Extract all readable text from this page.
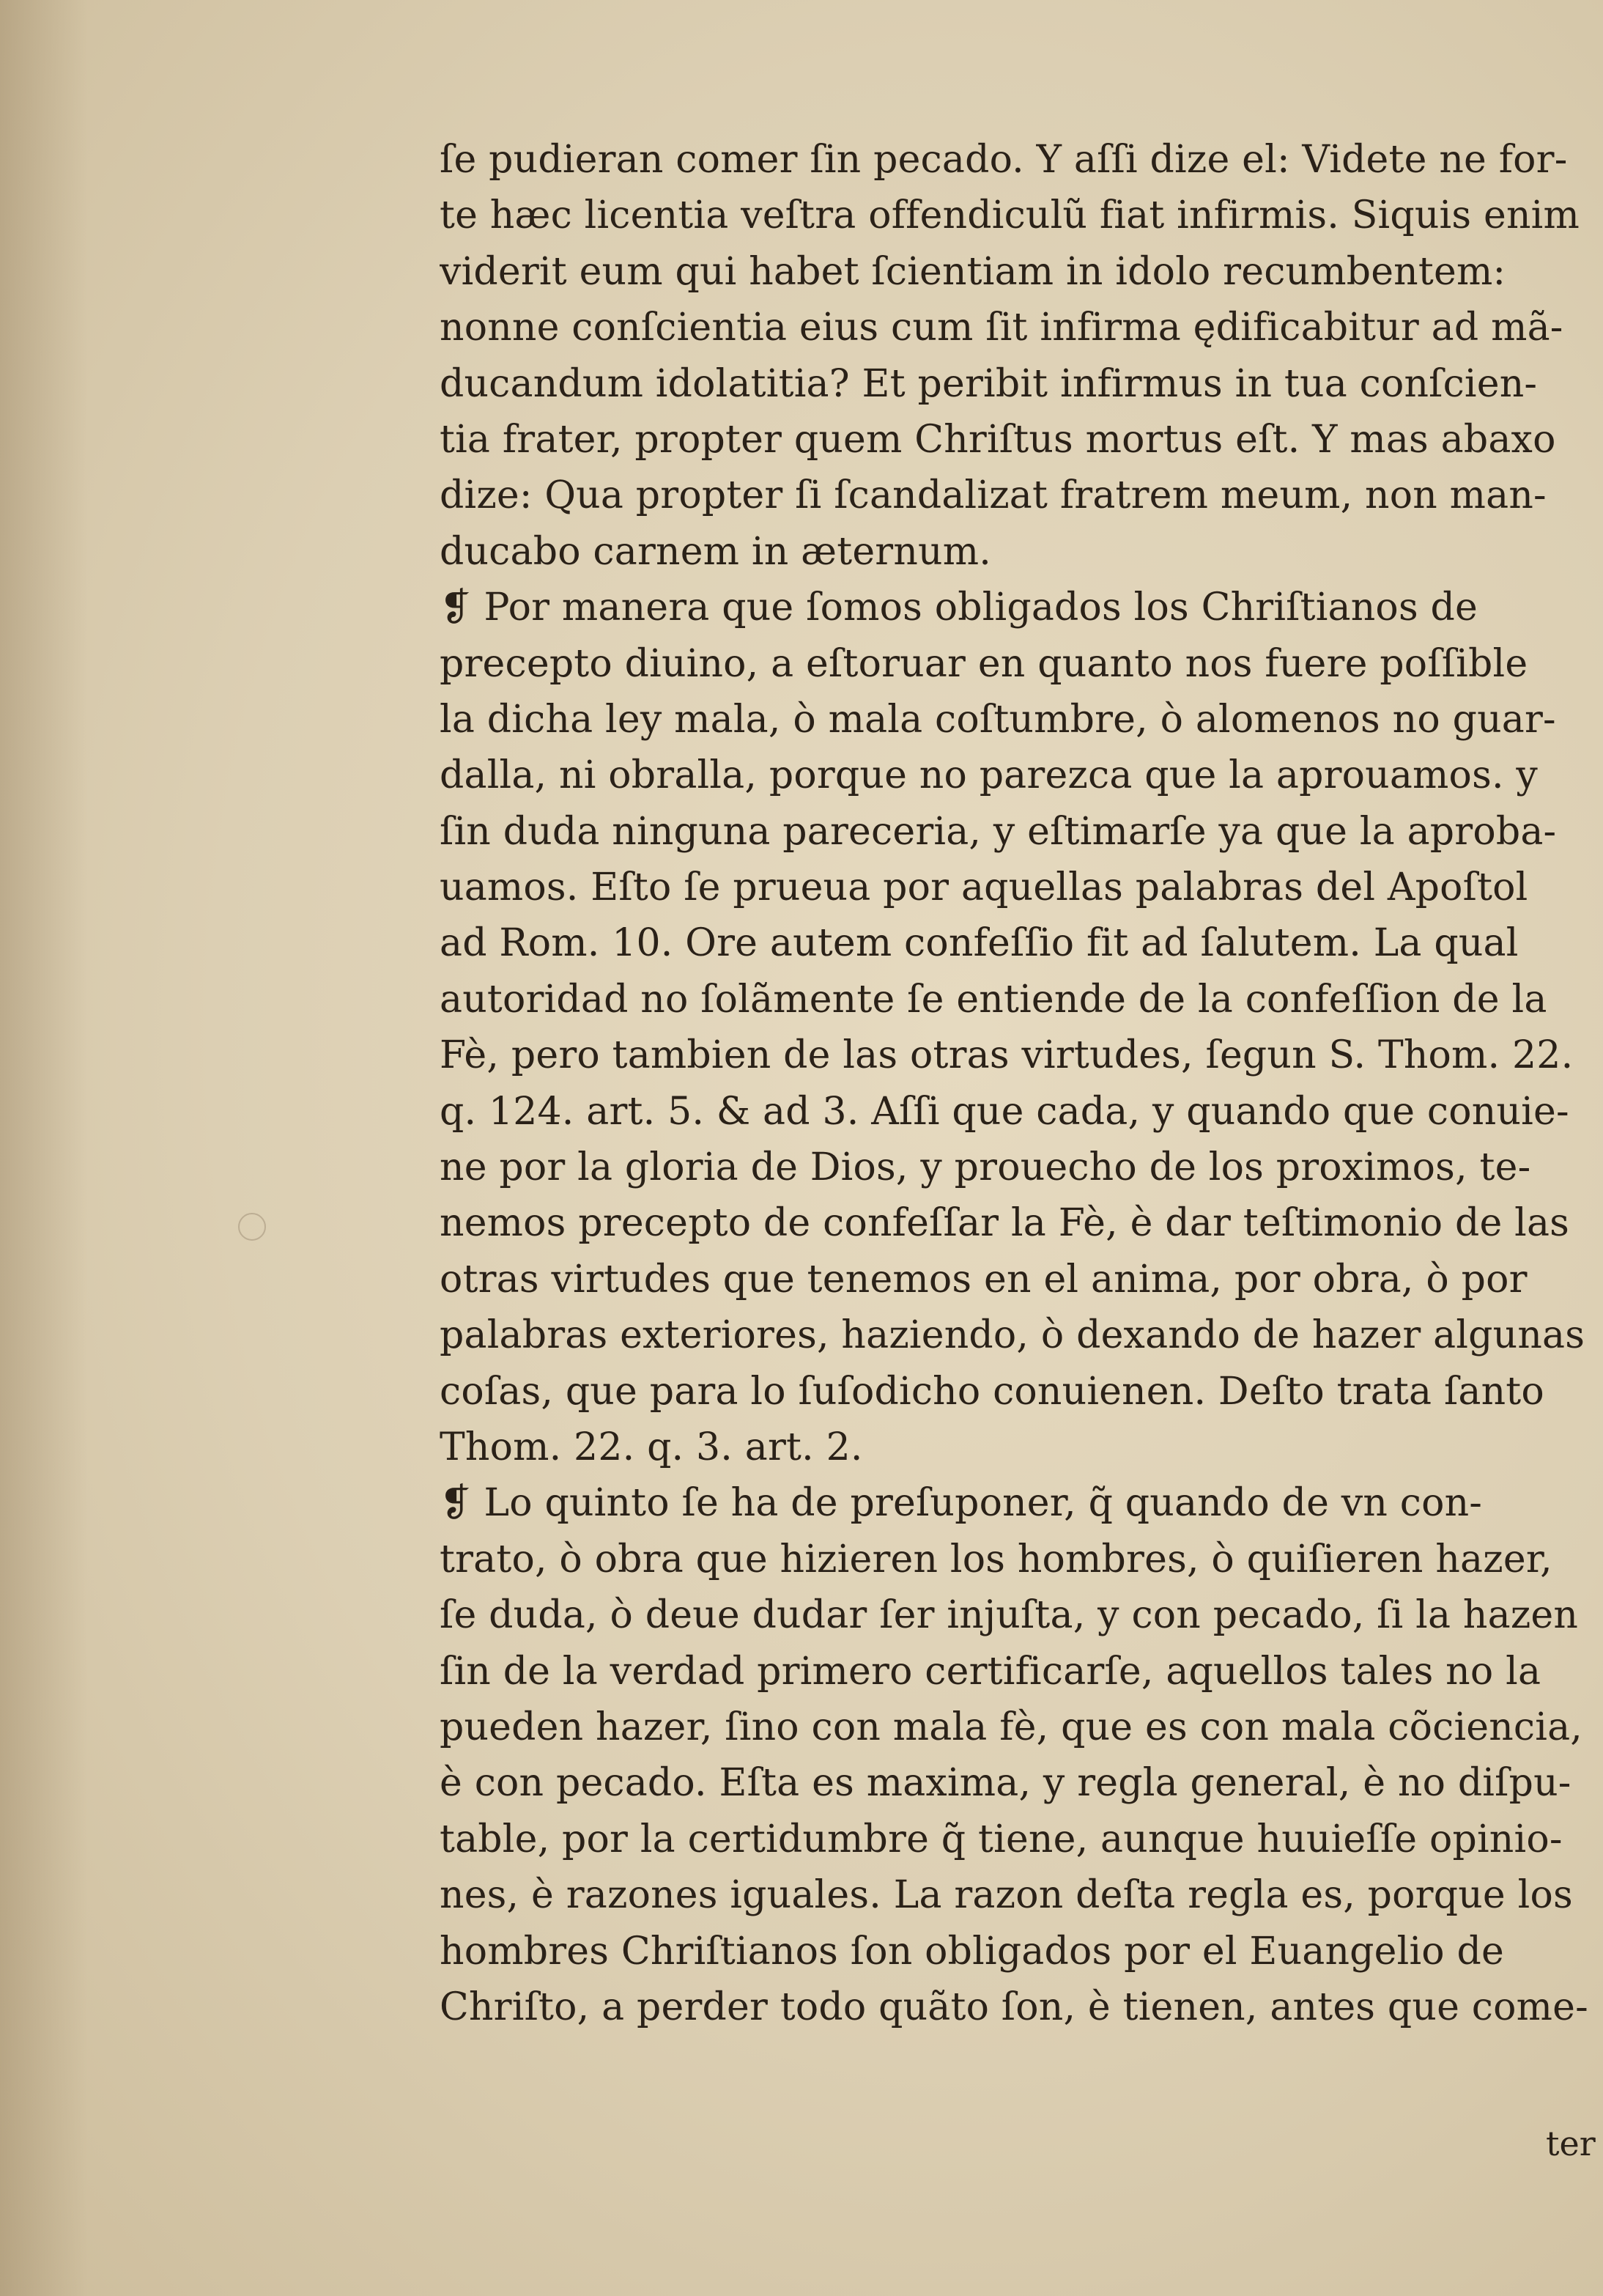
ſe pudieran comer ſin pecado. Y aſſi dize el: Videte ne for-
te hæc licentia veſtra offendiculũ fiat infirmis. Siquis enim
viderit eum qui habet ſcientiam in idolo recumbentem:
nonne conſcientia eius cum ſit infirma ędificabitur ad mã-
ducandum idolatitia? Et peribit infirmus in tua conſcien-
tia frater, propter quem Chriſtus mortus eſt. Y mas abaxo
dize: Qua propter ſi ſcandalizat fratrem meum, non man-
ducabo carnem in æternum.
❡ Por manera que ſomos obligados los Chriſtianos de
precepto diuino, a eſtoruar en quanto nos fuere poſſible
la dicha ley mala, ò mala coſtumbre, ò alomenos no guar-
dalla, ni obralla, porque no parezca que la aprouamos. y
ſin duda ninguna pareceria, y eſtimarſe ya que la aproba-
uamos. Eſto ſe prueua por aquellas palabras del Apoſtol
ad Rom. 10. Ore autem confeſſio fit ad ſalutem. La qual
autoridad no ſolãmente ſe entiende de la confeſſion de la
Fè, pero tambien de las otras virtudes, ſegun S. Thom. 22.
q. 124. art. 5. & ad 3. Aſſi que cada, y quando que conuie-
ne por la gloria de Dios, y prouecho de los proximos, te-
nemos precepto de confeſſar la Fè, è dar teſtimonio de las
otras virtudes que tenemos en el anima, por obra, ò por
palabras exteriores, haziendo, ò dexando de hazer algunas
coſas, que para lo ſuſodicho conuienen. Deſto trata ſanto
Thom. 22. q. 3. art. 2.
❡ Lo quinto ſe ha de preſuponer, q̃ quando de vn con-
trato, ò obra que hizieren los hombres, ò quiſieren hazer,
ſe duda, ò deue dudar ſer injuſta, y con pecado, ſi la hazen
ſin de la verdad primero certificarſe, aquellos tales no la
pueden hazer, ſino con mala fè, que es con mala cõciencia,
è con pecado. Eſta es maxima, y regla general, è no diſpu-
table, por la certidumbre q̃ tiene, aunque huuieſſe opinio-
nes, è razones iguales. La razon deſta regla es, porque los
hombres Chriſtianos ſon obligados por el Euangelio de
Chriſto, a perder todo quãto ſon, è tienen, antes que come-
ter
